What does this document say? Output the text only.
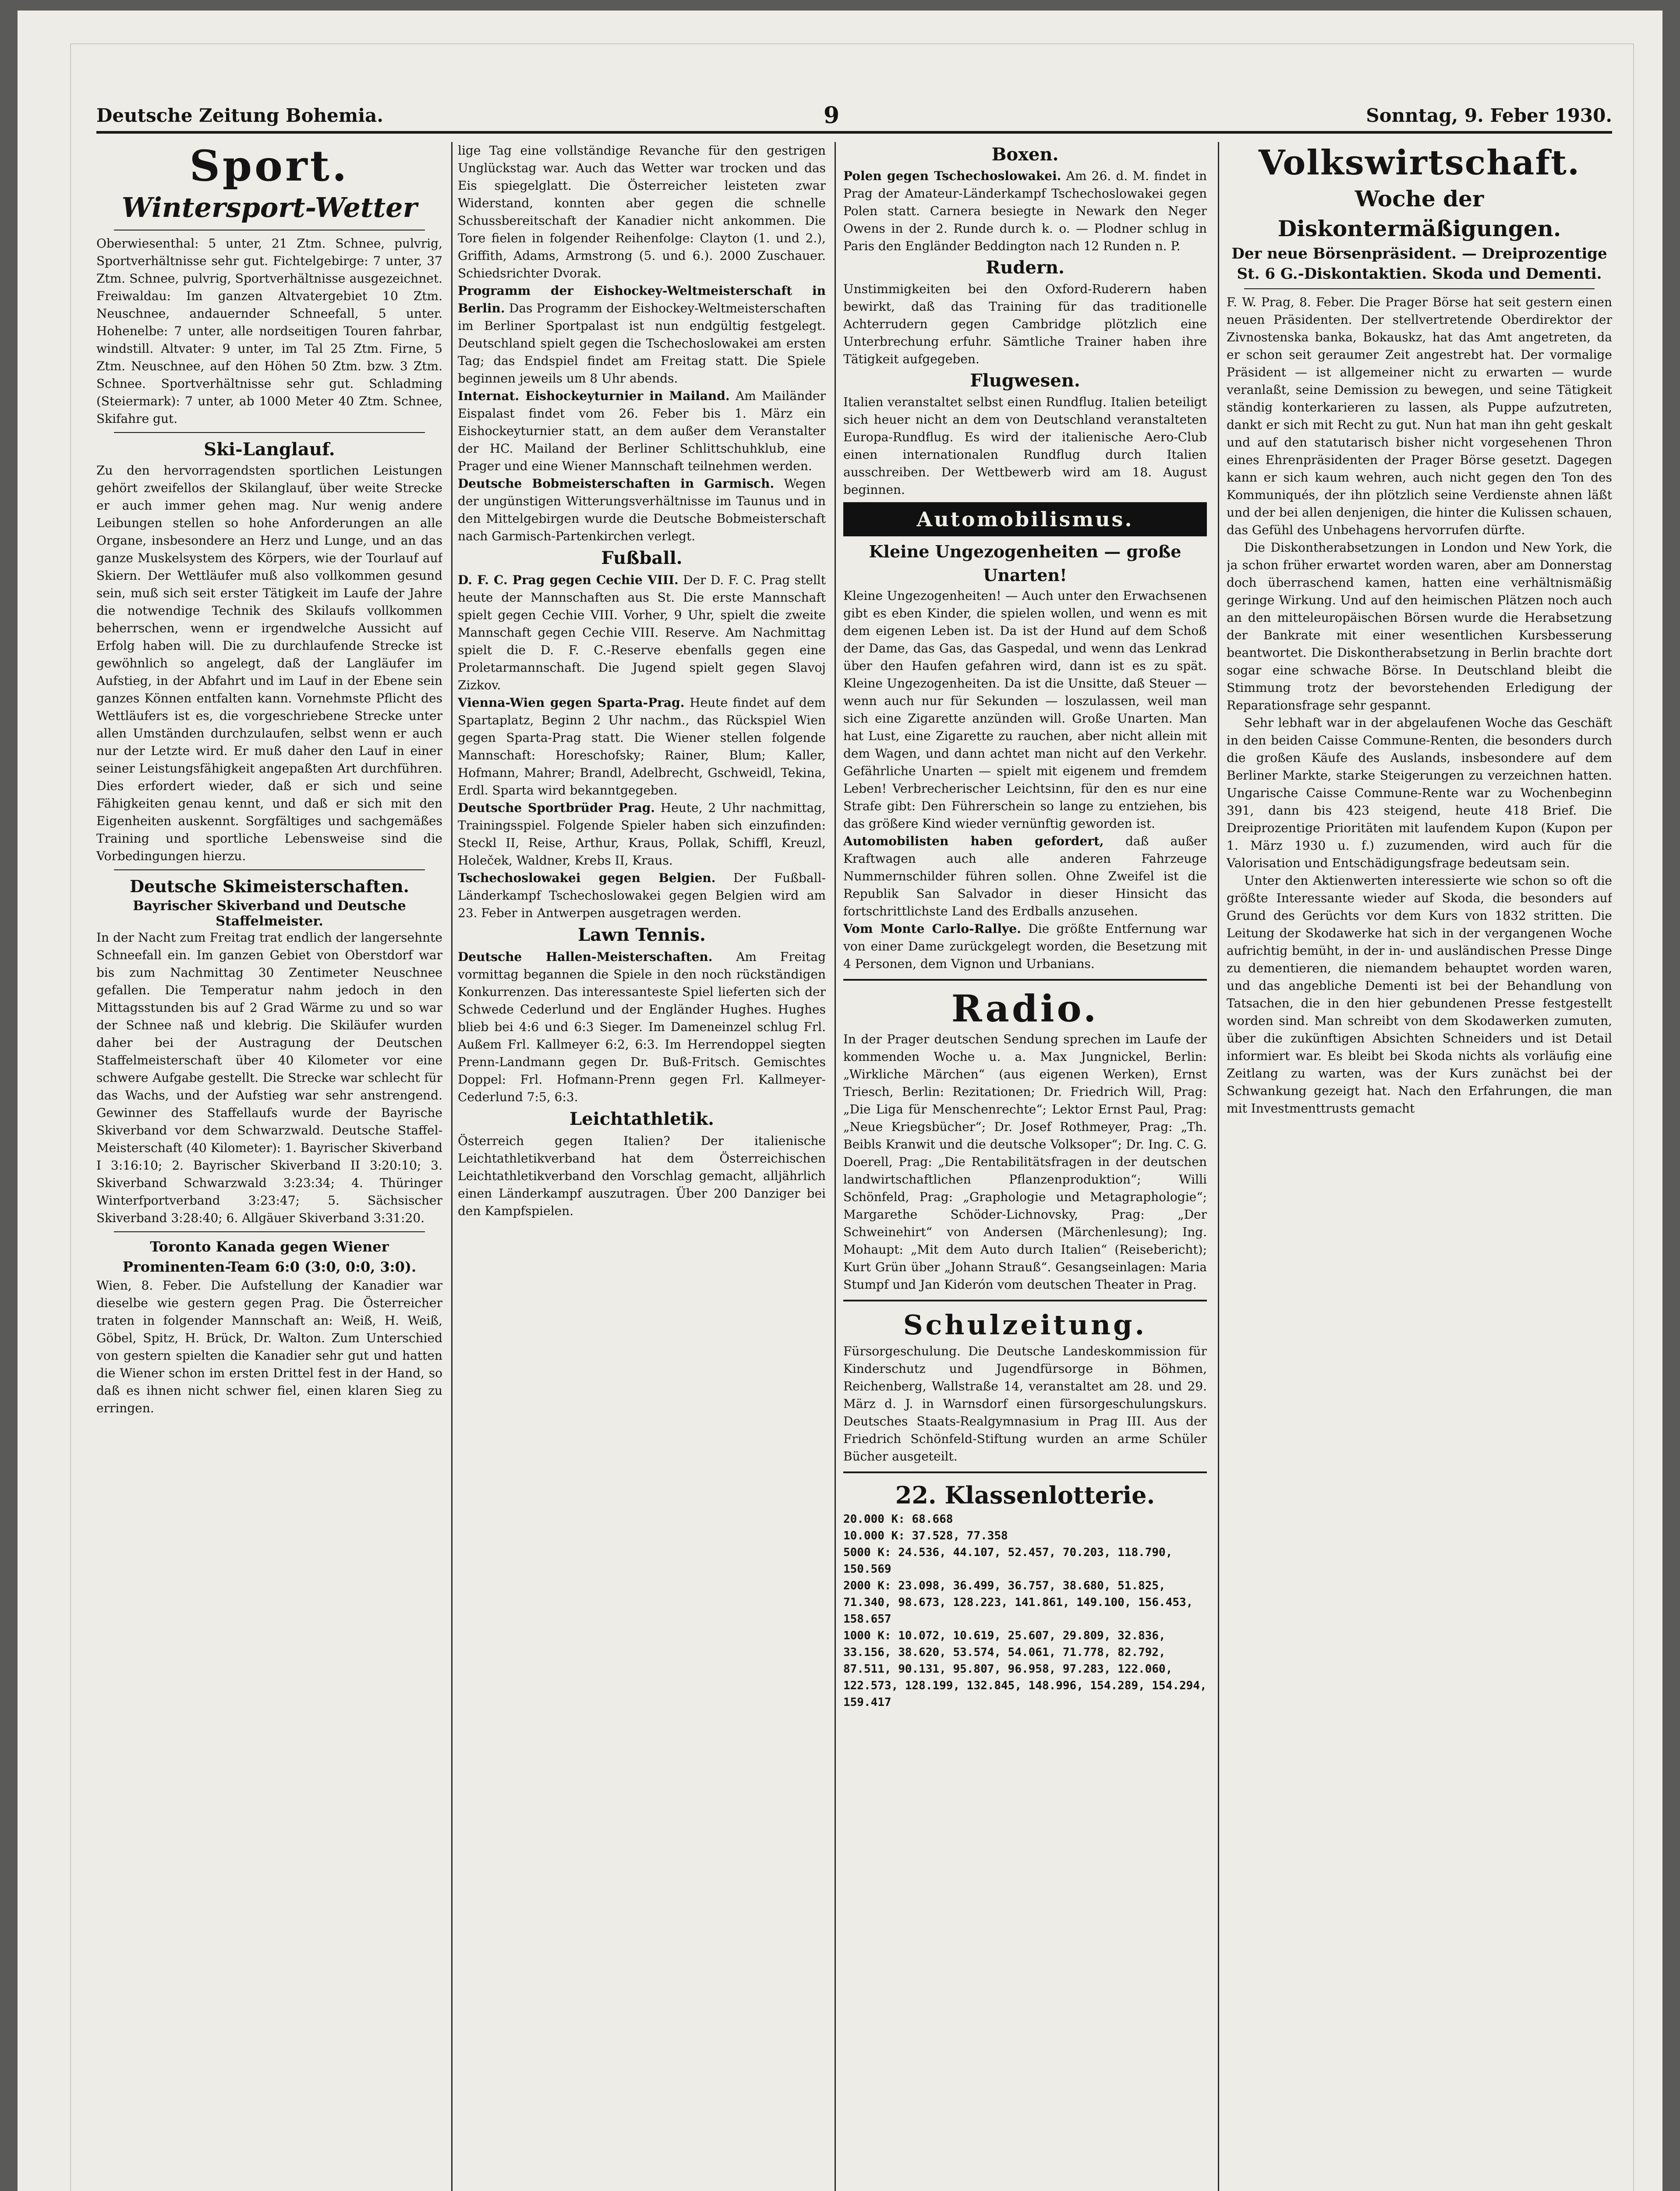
Deutsche Zeitung Bohemia.	9	Sonntag, 9. Feber 1930.
Sport.
Wintersport-Wetter

Oberwiesenthal: 5 unter, 21 Ztm. Schnee, pulvrig, Sportverhältnisse sehr gut. Fichtelgebirge: 7 unter, 37 Ztm. Schnee, pulvrig, Sportverhältnisse ausgezeichnet. Freiwaldau: Im ganzen Altvatergebiet 10 Ztm. Neuschnee, andauernder Schneefall, 5 unter. Hohenelbe: 7 unter, alle nordseitigen Touren fahrbar, windstill. Altvater: 9 unter, im Tal 25 Ztm. Firne, 5 Ztm. Neuschnee, auf den Höhen 50 Ztm. bzw. 3 Ztm. Schnee. Sportverhältnisse sehr gut. Schladming (Steiermark): 7 unter, ab 1000 Meter 40 Ztm. Schnee, Skifahre gut.

Ski-Langlauf.

Zu den hervorragendsten sportlichen Leistungen gehört zweifellos der Skilanglauf, über weite Strecke er auch immer gehen mag. Nur wenig andere Leibungen stellen so hohe Anforderungen an alle Organe, insbesondere an Herz und Lunge, und an das ganze Muskelsystem des Körpers, wie der Tourlauf auf Skiern. Der Wettläufer muß also vollkommen gesund sein, muß sich seit erster Tätigkeit im Laufe der Jahre die notwendige Technik des Skilaufs vollkommen beherrschen, wenn er irgendwelche Aussicht auf Erfolg haben will. Die zu durchlaufende Strecke ist gewöhnlich so angelegt, daß der Langläufer im Aufstieg, in der Abfahrt und im Lauf in der Ebene sein ganzes Können entfalten kann. Vornehmste Pflicht des Wettläufers ist es, die vorgeschriebene Strecke unter allen Umständen durchzulaufen, selbst wenn er auch nur der Letzte wird. Er muß daher den Lauf in einer seiner Leistungsfähigkeit angepaßten Art durchführen. Dies erfordert wieder, daß er sich und seine Fähigkeiten genau kennt, und daß er sich mit den Eigenheiten auskennt. Sorgfältiges und sachgemäßes Training und sportliche Lebensweise sind die Vorbedingungen hierzu.

Deutsche Skimeisterschaften.

Bayrischer Skiverband und Deutsche Staffelmeister.

In der Nacht zum Freitag trat endlich der langersehnte Schneefall ein. Im ganzen Gebiet von Oberstdorf war bis zum Nachmittag 30 Zentimeter Neuschnee gefallen. Die Temperatur nahm jedoch in den Mittagsstunden bis auf 2 Grad Wärme zu und so war der Schnee naß und klebrig. Die Skiläufer wurden daher bei der Austragung der Deutschen Staffelmeisterschaft über 40 Kilometer vor eine schwere Aufgabe gestellt. Die Strecke war schlecht für das Wachs, und der Aufstieg war sehr anstrengend. Gewinner des Staffellaufs wurde der Bayrische Skiverband vor dem Schwarzwald. Deutsche Staffel-Meisterschaft (40 Kilometer): 1. Bayrischer Skiverband I 3:16:10; 2. Bayrischer Skiverband II 3:20:10; 3. Skiverband Schwarzwald 3:23:34; 4. Thüringer Winterfportverband 3:23:47; 5. Sächsischer Skiverband 3:28:40; 6. Allgäuer Skiverband 3:31:20.

Toronto Kanada gegen Wiener Prominenten-Team 6:0 (3:0, 0:0, 3:0).

Wien, 8. Feber. Die Aufstellung der Kanadier war dieselbe wie gestern gegen Prag. Die Österreicher traten in folgender Mannschaft an: Weiß, H. Weiß, Göbel, Spitz, H. Brück, Dr. Walton. Zum Unterschied von gestern spielten die Kanadier sehr gut und hatten die Wiener schon im ersten Drittel fest in der Hand, so daß es ihnen nicht schwer fiel, einen klaren Sieg zu erringen.

lige Tag eine vollständige Revanche für den gestrigen Unglückstag war. Auch das Wetter war trocken und das Eis spiegelglatt. Die Österreicher leisteten zwar Widerstand, konnten aber gegen die schnelle Schussbereitschaft der Kanadier nicht ankommen. Die Tore fielen in folgender Reihenfolge: Clayton (1. und 2.), Griffith, Adams, Armstrong (5. und 6.). 2000 Zuschauer. Schiedsrichter Dvorak.

Programm der Eishockey-Weltmeisterschaft in Berlin. Das Programm der Eishockey-Weltmeisterschaften im Berliner Sportpalast ist nun endgültig festgelegt. Deutschland spielt gegen die Tschechoslowakei am ersten Tag; das Endspiel findet am Freitag statt. Die Spiele beginnen jeweils um 8 Uhr abends.

Internat. Eishockeyturnier in Mailand. Am Mailänder Eispalast findet vom 26. Feber bis 1. März ein Eishockeyturnier statt, an dem außer dem Veranstalter der HC. Mailand der Berliner Schlittschuhklub, eine Prager und eine Wiener Mannschaft teilnehmen werden.

Deutsche Bobmeisterschaften in Garmisch. Wegen der ungünstigen Witterungsverhältnisse im Taunus und in den Mittelgebirgen wurde die Deutsche Bobmeisterschaft nach Garmisch-Partenkirchen verlegt.

Fußball.

D. F. C. Prag gegen Cechie VIII. Der D. F. C. Prag stellt heute der Mannschaften aus St. Die erste Mannschaft spielt gegen Cechie VIII. Vorher, 9 Uhr, spielt die zweite Mannschaft gegen Cechie VIII. Reserve. Am Nachmittag spielt die D. F. C.-Reserve ebenfalls gegen eine Proletarmannschaft. Die Jugend spielt gegen Slavoj Zizkov.

Vienna-Wien gegen Sparta-Prag. Heute findet auf dem Spartaplatz, Beginn 2 Uhr nachm., das Rückspiel Wien gegen Sparta-Prag statt. Die Wiener stellen folgende Mannschaft: Horeschofsky; Rainer, Blum; Kaller, Hofmann, Mahrer; Brandl, Adelbrecht, Gschweidl, Tekina, Erdl. Sparta wird bekanntgegeben.

Deutsche Sportbrüder Prag. Heute, 2 Uhr nachmittag, Trainingsspiel. Folgende Spieler haben sich einzufinden: Steckl II, Reise, Arthur, Kraus, Pollak, Schiffl, Kreuzl, Holeček, Waldner, Krebs II, Kraus.

Tschechoslowakei gegen Belgien. Der Fußball-Länderkampf Tschechoslowakei gegen Belgien wird am 23. Feber in Antwerpen ausgetragen werden.

Lawn Tennis.

Deutsche Hallen-Meisterschaften. Am Freitag vormittag begannen die Spiele in den noch rückständigen Konkurrenzen. Das interessanteste Spiel lieferten sich der Schwede Cederlund und der Engländer Hughes. Hughes blieb bei 4:6 und 6:3 Sieger. Im Dameneinzel schlug Frl. Außem Frl. Kallmeyer 6:2, 6:3. Im Herrendoppel siegten Prenn-Landmann gegen Dr. Buß-Fritsch. Gemischtes Doppel: Frl. Hofmann-Prenn gegen Frl. Kallmeyer-Cederlund 7:5, 6:3.

Leichtathletik.

Österreich gegen Italien? Der italienische Leichtathletikverband hat dem Österreichischen Leichtathletikverband den Vorschlag gemacht, alljährlich einen Länderkampf auszutragen. Über 200 Danziger bei den Kampfspielen.

Boxen.

Polen gegen Tschechoslowakei. Am 26. d. M. findet in Prag der Amateur-Länderkampf Tschechoslowakei gegen Polen statt. Carnera besiegte in Newark den Neger Owens in der 2. Runde durch k. o. — Plodner schlug in Paris den Engländer Beddington nach 12 Runden n. P.

Rudern.

Unstimmigkeiten bei den Oxford-Ruderern haben bewirkt, daß das Training für das traditionelle Achterrudern gegen Cambridge plötzlich eine Unterbrechung erfuhr. Sämtliche Trainer haben ihre Tätigkeit aufgegeben.

Flugwesen.

Italien veranstaltet selbst einen Rundflug. Italien beteiligt sich heuer nicht an dem von Deutschland veranstalteten Europa-Rundflug. Es wird der italienische Aero-Club einen internationalen Rundflug durch Italien ausschreiben. Der Wettbewerb wird am 18. August beginnen.

Automobilismus.
Kleine Ungezogenheiten — große Unarten!

Kleine Ungezogenheiten! — Auch unter den Erwachsenen gibt es eben Kinder, die spielen wollen, und wenn es mit dem eigenen Leben ist. Da ist der Hund auf dem Schoß der Dame, das Gas, das Gaspedal, und wenn das Lenkrad über den Haufen gefahren wird, dann ist es zu spät. Kleine Ungezogenheiten. Da ist die Unsitte, daß Steuer — wenn auch nur für Sekunden — loszulassen, weil man sich eine Zigarette anzünden will. Große Unarten. Man hat Lust, eine Zigarette zu rauchen, aber nicht allein mit dem Wagen, und dann achtet man nicht auf den Verkehr. Gefährliche Unarten — spielt mit eigenem und fremdem Leben! Verbrecherischer Leichtsinn, für den es nur eine Strafe gibt: Den Führerschein so lange zu entziehen, bis das größere Kind wieder vernünftig geworden ist.

Automobilisten haben gefordert, daß außer Kraftwagen auch alle anderen Fahrzeuge Nummernschilder führen sollen. Ohne Zweifel ist die Republik San Salvador in dieser Hinsicht das fortschrittlichste Land des Erdballs anzusehen.

Vom Monte Carlo-Rallye. Die größte Entfernung war von einer Dame zurückgelegt worden, die Besetzung mit 4 Personen, dem Vignon und Urbanians.

Radio.

In der Prager deutschen Sendung sprechen im Laufe der kommenden Woche u. a. Max Jungnickel, Berlin: „Wirkliche Märchen“ (aus eigenen Werken), Ernst Triesch, Berlin: Rezitationen; Dr. Friedrich Will, Prag: „Die Liga für Menschenrechte“; Lektor Ernst Paul, Prag: „Neue Kriegsbücher“; Dr. Josef Rothmeyer, Prag: „Th. Beibls Kranwit und die deutsche Volksoper“; Dr. Ing. C. G. Doerell, Prag: „Die Rentabilitätsfragen in der deutschen landwirtschaftlichen Pflanzenproduktion“; Willi Schönfeld, Prag: „Graphologie und Metagraphologie“; Margarethe Schöder-Lichnovsky, Prag: „Der Schweinehirt“ von Andersen (Märchenlesung); Ing. Mohaupt: „Mit dem Auto durch Italien“ (Reisebericht); Kurt Grün über „Johann Strauß“. Gesangseinlagen: Maria Stumpf und Jan Kiderón vom deutschen Theater in Prag.

Schulzeitung.

Fürsorgeschulung. Die Deutsche Landeskommission für Kinderschutz und Jugendfürsorge in Böhmen, Reichenberg, Wallstraße 14, veranstaltet am 28. und 29. März d. J. in Warnsdorf einen fürsorgeschulungskurs. Deutsches Staats-Realgymnasium in Prag III. Aus der Friedrich Schönfeld-Stiftung wurden an arme Schüler Bücher ausgeteilt.

22. Klassenlotterie.

20.000 K: 68.668

10.000 K: 37.528, 77.358

5000 K: 24.536, 44.107, 52.457, 70.203, 118.790, 150.569

2000 K: 23.098, 36.499, 36.757, 38.680, 51.825, 71.340, 98.673, 128.223, 141.861, 149.100, 156.453, 158.657

1000 K: 10.072, 10.619, 25.607, 29.809, 32.836, 33.156, 38.620, 53.574, 54.061, 71.778, 82.792, 87.511, 90.131, 95.807, 96.958, 97.283, 122.060, 122.573, 128.199, 132.845, 148.996, 154.289, 154.294, 159.417

Volkswirtschaft.
Woche der Diskontermäßigungen.

Der neue Börsenpräsident. — Dreiprozentige St. 6 G.-Diskontaktien. Skoda und Dementi.

F. W. Prag, 8. Feber. Die Prager Börse hat seit gestern einen neuen Präsidenten. Der stellvertretende Oberdirektor der Zivnostenska banka, Bokauskz, hat das Amt angetreten, da er schon seit geraumer Zeit angestrebt hat. Der vormalige Präsident — ist allgemeiner nicht zu erwarten — wurde veranlaßt, seine Demission zu bewegen, und seine Tätigkeit ständig konterkarieren zu lassen, als Puppe aufzutreten, dankt er sich mit Recht zu gut. Nun hat man ihn geht geskalt und auf den statutarisch bisher nicht vorgesehenen Thron eines Ehrenpräsidenten der Prager Börse gesetzt. Dagegen kann er sich kaum wehren, auch nicht gegen den Ton des Kommuniqués, der ihn plötzlich seine Verdienste ahnen läßt und der bei allen denjenigen, die hinter die Kulissen schauen, das Gefühl des Unbehagens hervorrufen dürfte.

Die Diskontherabsetzungen in London und New York, die ja schon früher erwartet worden waren, aber am Donnerstag doch überraschend kamen, hatten eine verhältnismäßig geringe Wirkung. Und auf den heimischen Plätzen noch auch an den mitteleuropäischen Börsen wurde die Herabsetzung der Bankrate mit einer wesentlichen Kursbesserung beantwortet. Die Diskontherabsetzung in Berlin brachte dort sogar eine schwache Börse. In Deutschland bleibt die Stimmung trotz der bevorstehenden Erledigung der Reparationsfrage sehr gespannt.

Sehr lebhaft war in der abgelaufenen Woche das Geschäft in den beiden Caisse Commune-Renten, die besonders durch die großen Käufe des Auslands, insbesondere auf dem Berliner Markte, starke Steigerungen zu verzeichnen hatten. Ungarische Caisse Commune-Rente war zu Wochenbeginn 391, dann bis 423 steigend, heute 418 Brief. Die Dreiprozentige Prioritäten mit laufendem Kupon (Kupon per 1. März 1930 u. f.) zuzumenden, wird auch für die Valorisation und Entschädigungsfrage bedeutsam sein.

Unter den Aktienwerten interessierte wie schon so oft die größte Interessante wieder auf Skoda, die besonders auf Grund des Gerüchts vor dem Kurs von 1832 stritten. Die Leitung der Skodawerke hat sich in der vergangenen Woche aufrichtig bemüht, in der in- und ausländischen Presse Dinge zu dementieren, die niemandem behauptet worden waren, und das angebliche Dementi ist bei der Behandlung von Tatsachen, die in den hier gebundenen Presse festgestellt worden sind. Man schreibt von dem Skodawerken zumuten, über die zukünftigen Absichten Schneiders und ist Detail informiert war. Es bleibt bei Skoda nichts als vorläufig eine Zeitlang zu warten, was der Kurs zunächst bei der Schwankung gezeigt hat. Nach den Erfahrungen, die man mit Investmenttrusts gemacht
